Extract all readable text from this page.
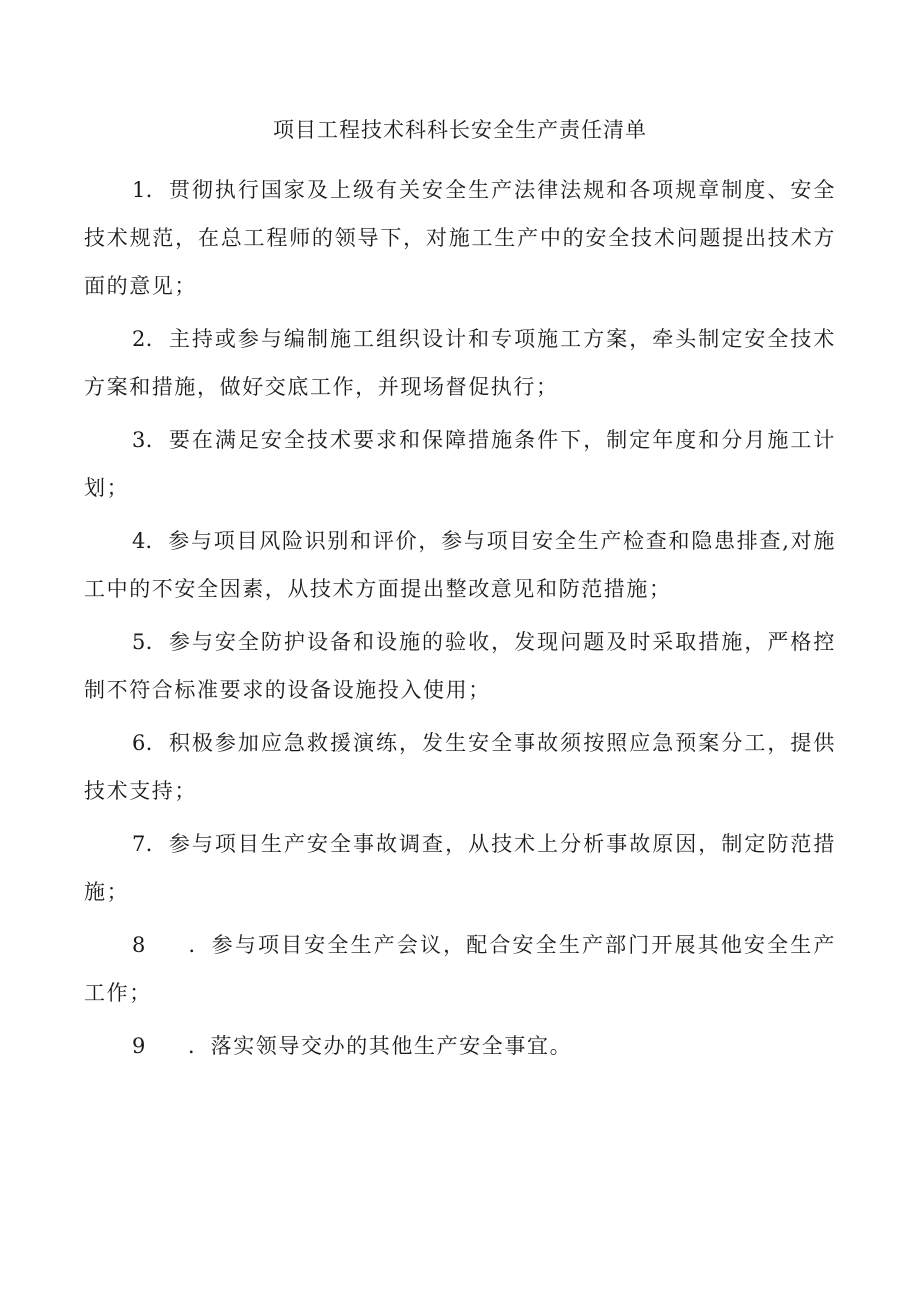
项目工程技术科科长安全生产责任清单

1．贯彻执行国家及上级有关安全生产法律法规和各项规章制度、安全技术规范，在总工程师的领导下，对施工生产中的安全技术问题提出技术方面的意见；

2．主持或参与编制施工组织设计和专项施工方案，牵头制定安全技术方案和措施，做好交底工作，并现场督促执行；

3．要在满足安全技术要求和保障措施条件下，制定年度和分月施工计划；

4．参与项目风险识别和评价，参与项目安全生产检查和隐患排查,对施工中的不安全因素，从技术方面提出整改意见和防范措施；

5．参与安全防护设备和设施的验收，发现问题及时采取措施，严格控制不符合标准要求的设备设施投入使用；

6．积极参加应急救援演练，发生安全事故须按照应急预案分工，提供技术支持；

7．参与项目生产安全事故调查，从技术上分析事故原因，制定防范措施；

8 ．参与项目安全生产会议，配合安全生产部门开展其他安全生产工作；

9 ．落实领导交办的其他生产安全事宜。
